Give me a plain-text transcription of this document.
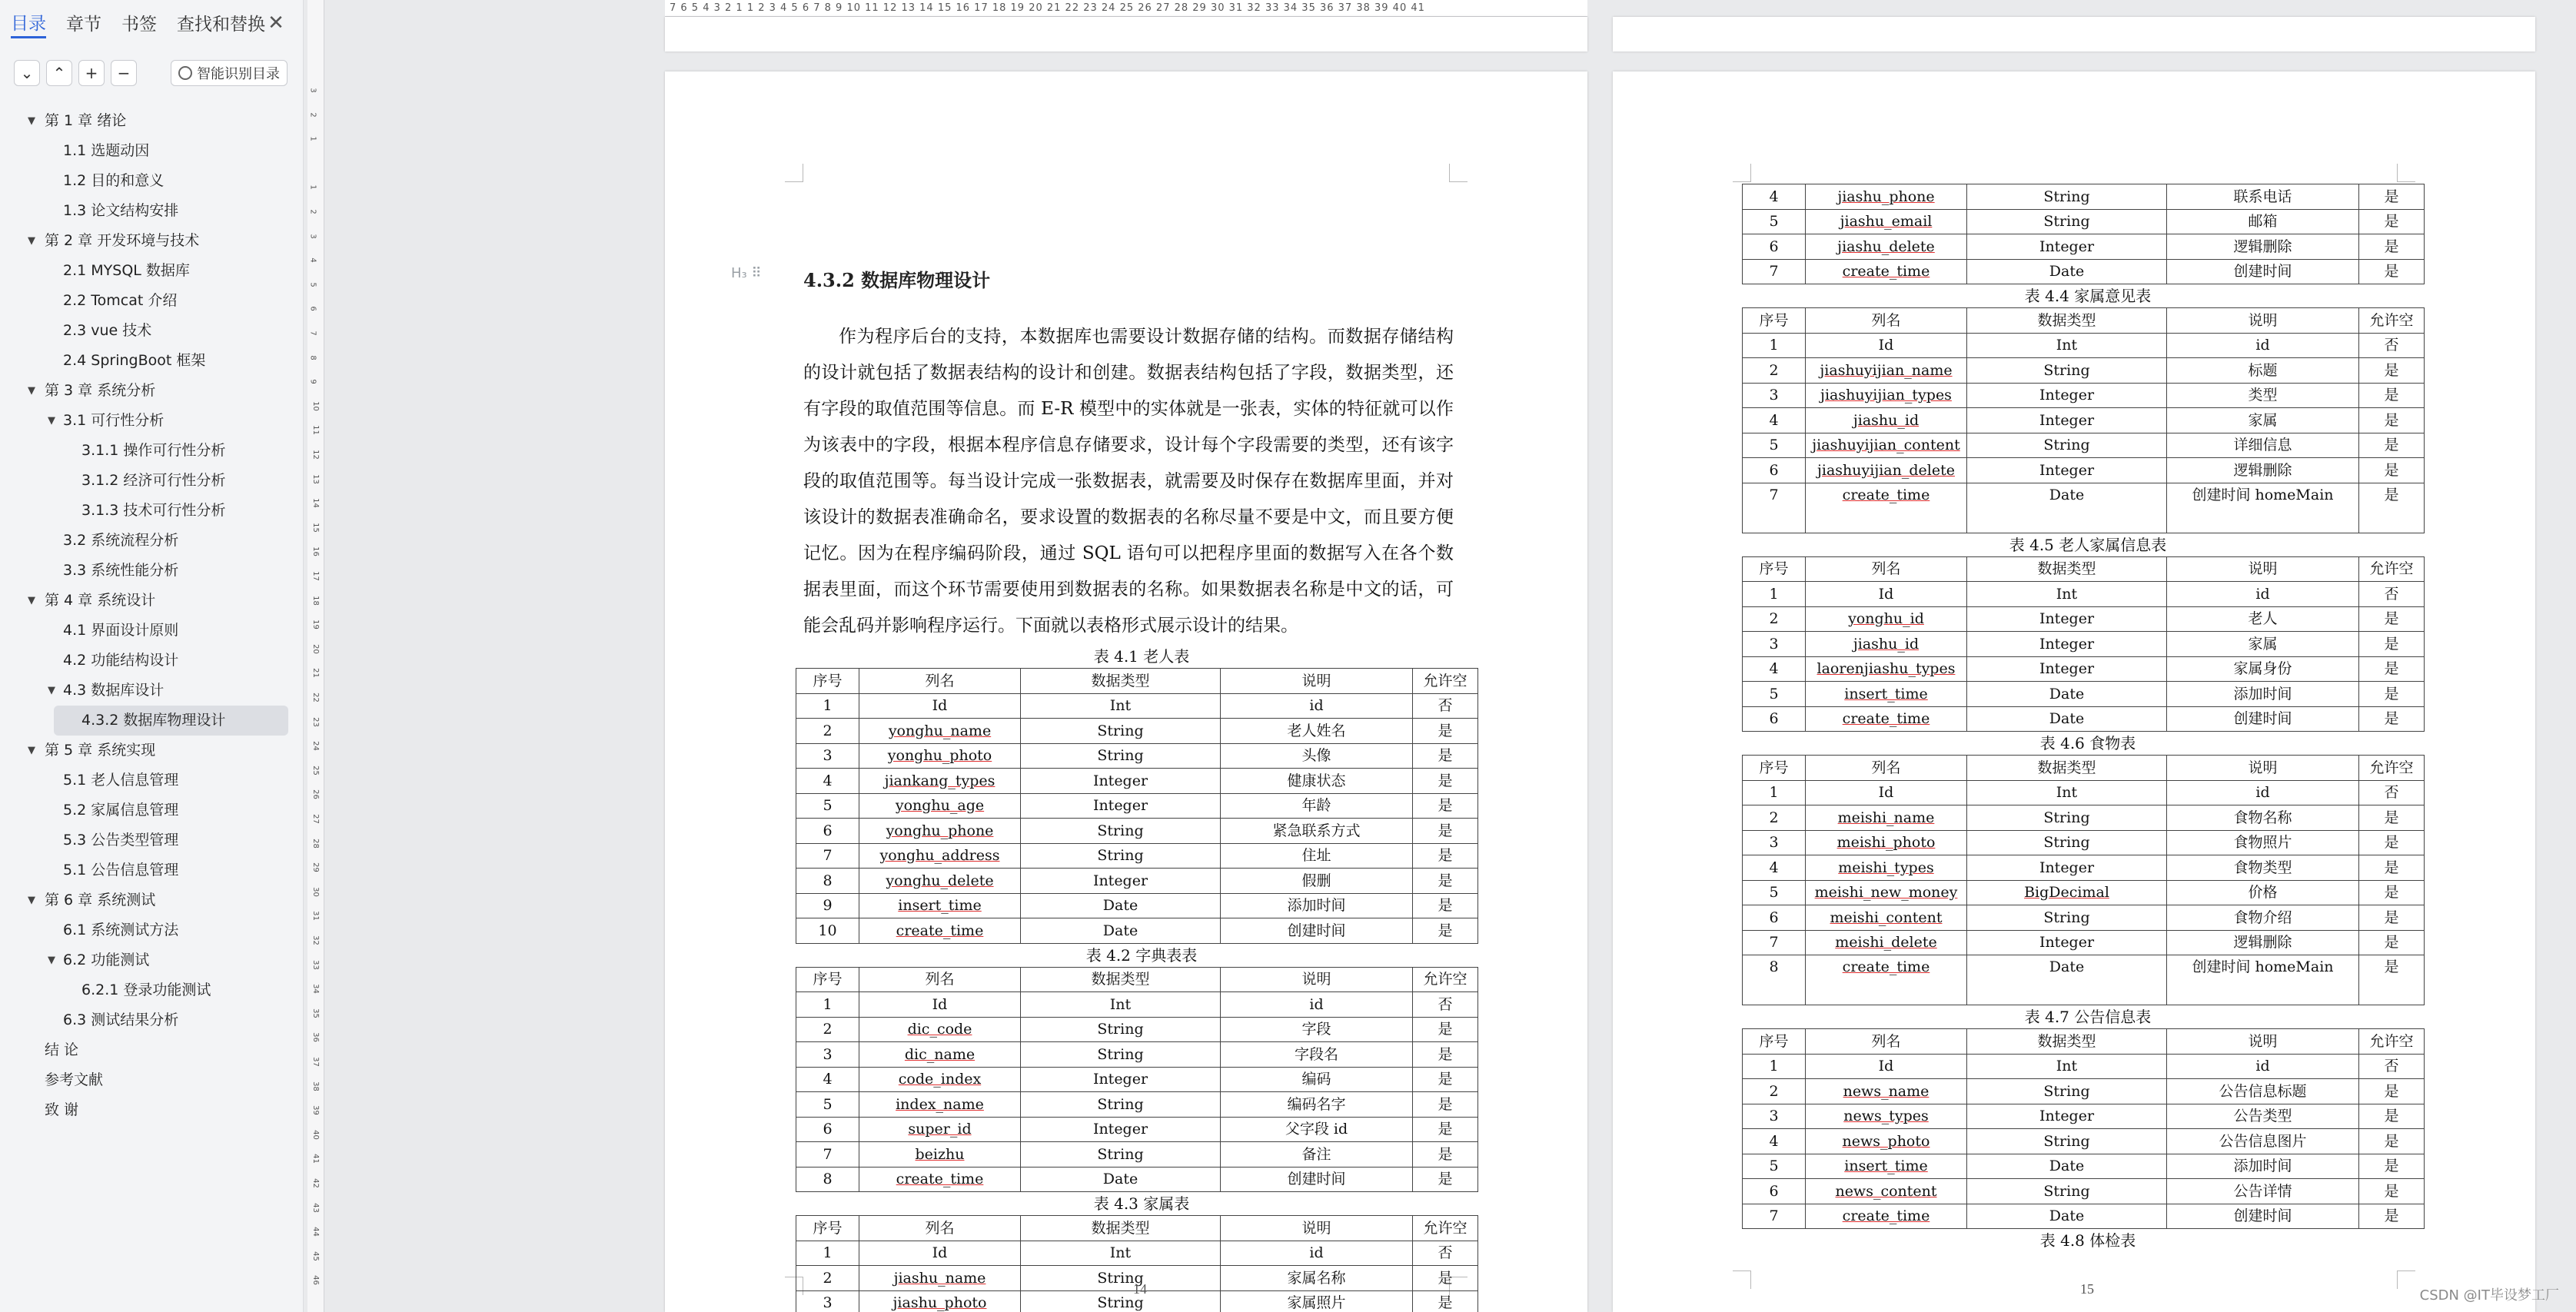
目录 章节 书签 查找和替换 ✕
⌄ ⌃ + −	智能识别目录
▼ 第 1 章 绪论
1.1 选题动因
1.2 目的和意义
1.3 论文结构安排
▼ 第 2 章 开发环境与技术
2.1 MYSQL 数据库
2.2 Tomcat 介绍
2.3 vue 技术
2.4 SpringBoot 框架
▼ 第 3 章 系统分析
▼ 3.1 可行性分析
3.1.1 操作可行性分析
3.1.2 经济可行性分析
3.1.3 技术可行性分析
3.2 系统流程分析
3.3 系统性能分析
▼ 第 4 章 系统设计
4.1 界面设计原则
4.2 功能结构设计
▼ 4.3 数据库设计
4.3.2 数据库物理设计
▼ 第 5 章 系统实现
5.1 老人信息管理
5.2 家属信息管理
5.3 公告类型管理
5.1 公告信息管理
▼ 第 6 章 系统测试
6.1 系统测试方法
▼ 6.2 功能测试
6.2.1 登录功能测试
6.3 测试结果分析
结 论
参考文献
致 谢
3
2
1
1
2
3
4
5
6
7
8
9
10
11
12
13
14
15
16
17
18
19
20
21
22
23
24
25
26
27
28
29
30
31
32
33
34
35
36
37
38
39
40
41
42
43
44
45
46
7 6 5 4 3 2 1 1 2 3 4 5 6 7 8 9 10 11 12 13 14 15 16 17 18 19 20 21 22 23 24 25 26 27 28 29 30 31 32 33 34 35 36 37 38 39 40 41
H₃ ⠿ 4.3.2 数据库物理设计
作为程序后台的支持，本数据库也需要设计数据存储的结构。而数据存储结构的设计就包括了数据表结构的设计和创建。数据表结构包括了字段，数据类型，还有字段的取值范围等信息。而 E-R 模型中的实体就是一张表，实体的特征就可以作为该表中的字段，根据本程序信息存储要求，设计每个字段需要的类型，还有该字段的取值范围等。每当设计完成一张数据表，就需要及时保存在数据库里面，并对该设计的数据表准确命名，要求设置的数据表的名称尽量不要是中文，而且要方便记忆。因为在程序编码阶段，通过 SQL 语句可以把程序里面的数据写入在各个数据表里面，而这个环节需要使用到数据表的名称。如果数据表名称是中文的话，可能会乱码并影响程序运行。下面就以表格形式展示设计的结果。
表 4.1 老人表
序号	列名	数据类型	说明	允许空
1	Id	Int	id	否
2	yonghu_name	String	老人姓名	是
3	yonghu_photo	String	头像	是
4	jiankang_types	Integer	健康状态	是
5	yonghu_age	Integer	年龄	是
6	yonghu_phone	String	紧急联系方式	是
7	yonghu_address	String	住址	是
8	yonghu_delete	Integer	假删	是
9	insert_time	Date	添加时间	是
10	create_time	Date	创建时间	是
表 4.2 字典表表
序号	列名	数据类型	说明	允许空
1	Id	Int	id	否
2	dic_code	String	字段	是
3	dic_name	String	字段名	是
4	code_index	Integer	编码	是
5	index_name	String	编码名字	是
6	super_id	Integer	父字段 id	是
7	beizhu	String	备注	是
8	create_time	Date	创建时间	是
表 4.3 家属表
序号	列名	数据类型	说明	允许空
1	Id	Int	id	否
2	jiashu_name	String	家属名称	是
3	jiashu_photo	String	家属照片	是
4	jiashu_phone	String	联系电话	是
5	jiashu_email	String	邮箱	是
6	jiashu_delete	Integer	逻辑删除	是
7	create_time	Date	创建时间	是
表 4.4 家属意见表
序号	列名	数据类型	说明	允许空
1	Id	Int	id	否
2	jiashuyijian_name	String	标题	是
3	jiashuyijian_types	Integer	类型	是
4	jiashu_id	Integer	家属	是
5	jiashuyijian_content	String	详细信息	是
6	jiashuyijian_delete	Integer	逻辑删除	是
7	create_time	Date	创建时间 homeMain	是
表 4.5 老人家属信息表
序号	列名	数据类型	说明	允许空
1	Id	Int	id	否
2	yonghu_id	Integer	老人	是
3	jiashu_id	Integer	家属	是
4	laorenjiashu_types	Integer	家属身份	是
5	insert_time	Date	添加时间	是
6	create_time	Date	创建时间	是
表 4.6 食物表
序号	列名	数据类型	说明	允许空
1	Id	Int	id	否
2	meishi_name	String	食物名称	是
3	meishi_photo	String	食物照片	是
4	meishi_types	Integer	食物类型	是
5	meishi_new_money	BigDecimal	价格	是
6	meishi_content	String	食物介绍	是
7	meishi_delete	Integer	逻辑删除	是
8	create_time	Date	创建时间 homeMain	是
表 4.7 公告信息表
序号	列名	数据类型	说明	允许空
1	Id	Int	id	否
2	news_name	String	公告信息标题	是
3	news_types	Integer	公告类型	是
4	news_photo	String	公告信息图片	是
5	insert_time	Date	添加时间	是
6	news_content	String	公告详情	是
7	create_time	Date	创建时间	是
表 4.8 体检表
14	15	CSDN @IT毕设梦工厂
